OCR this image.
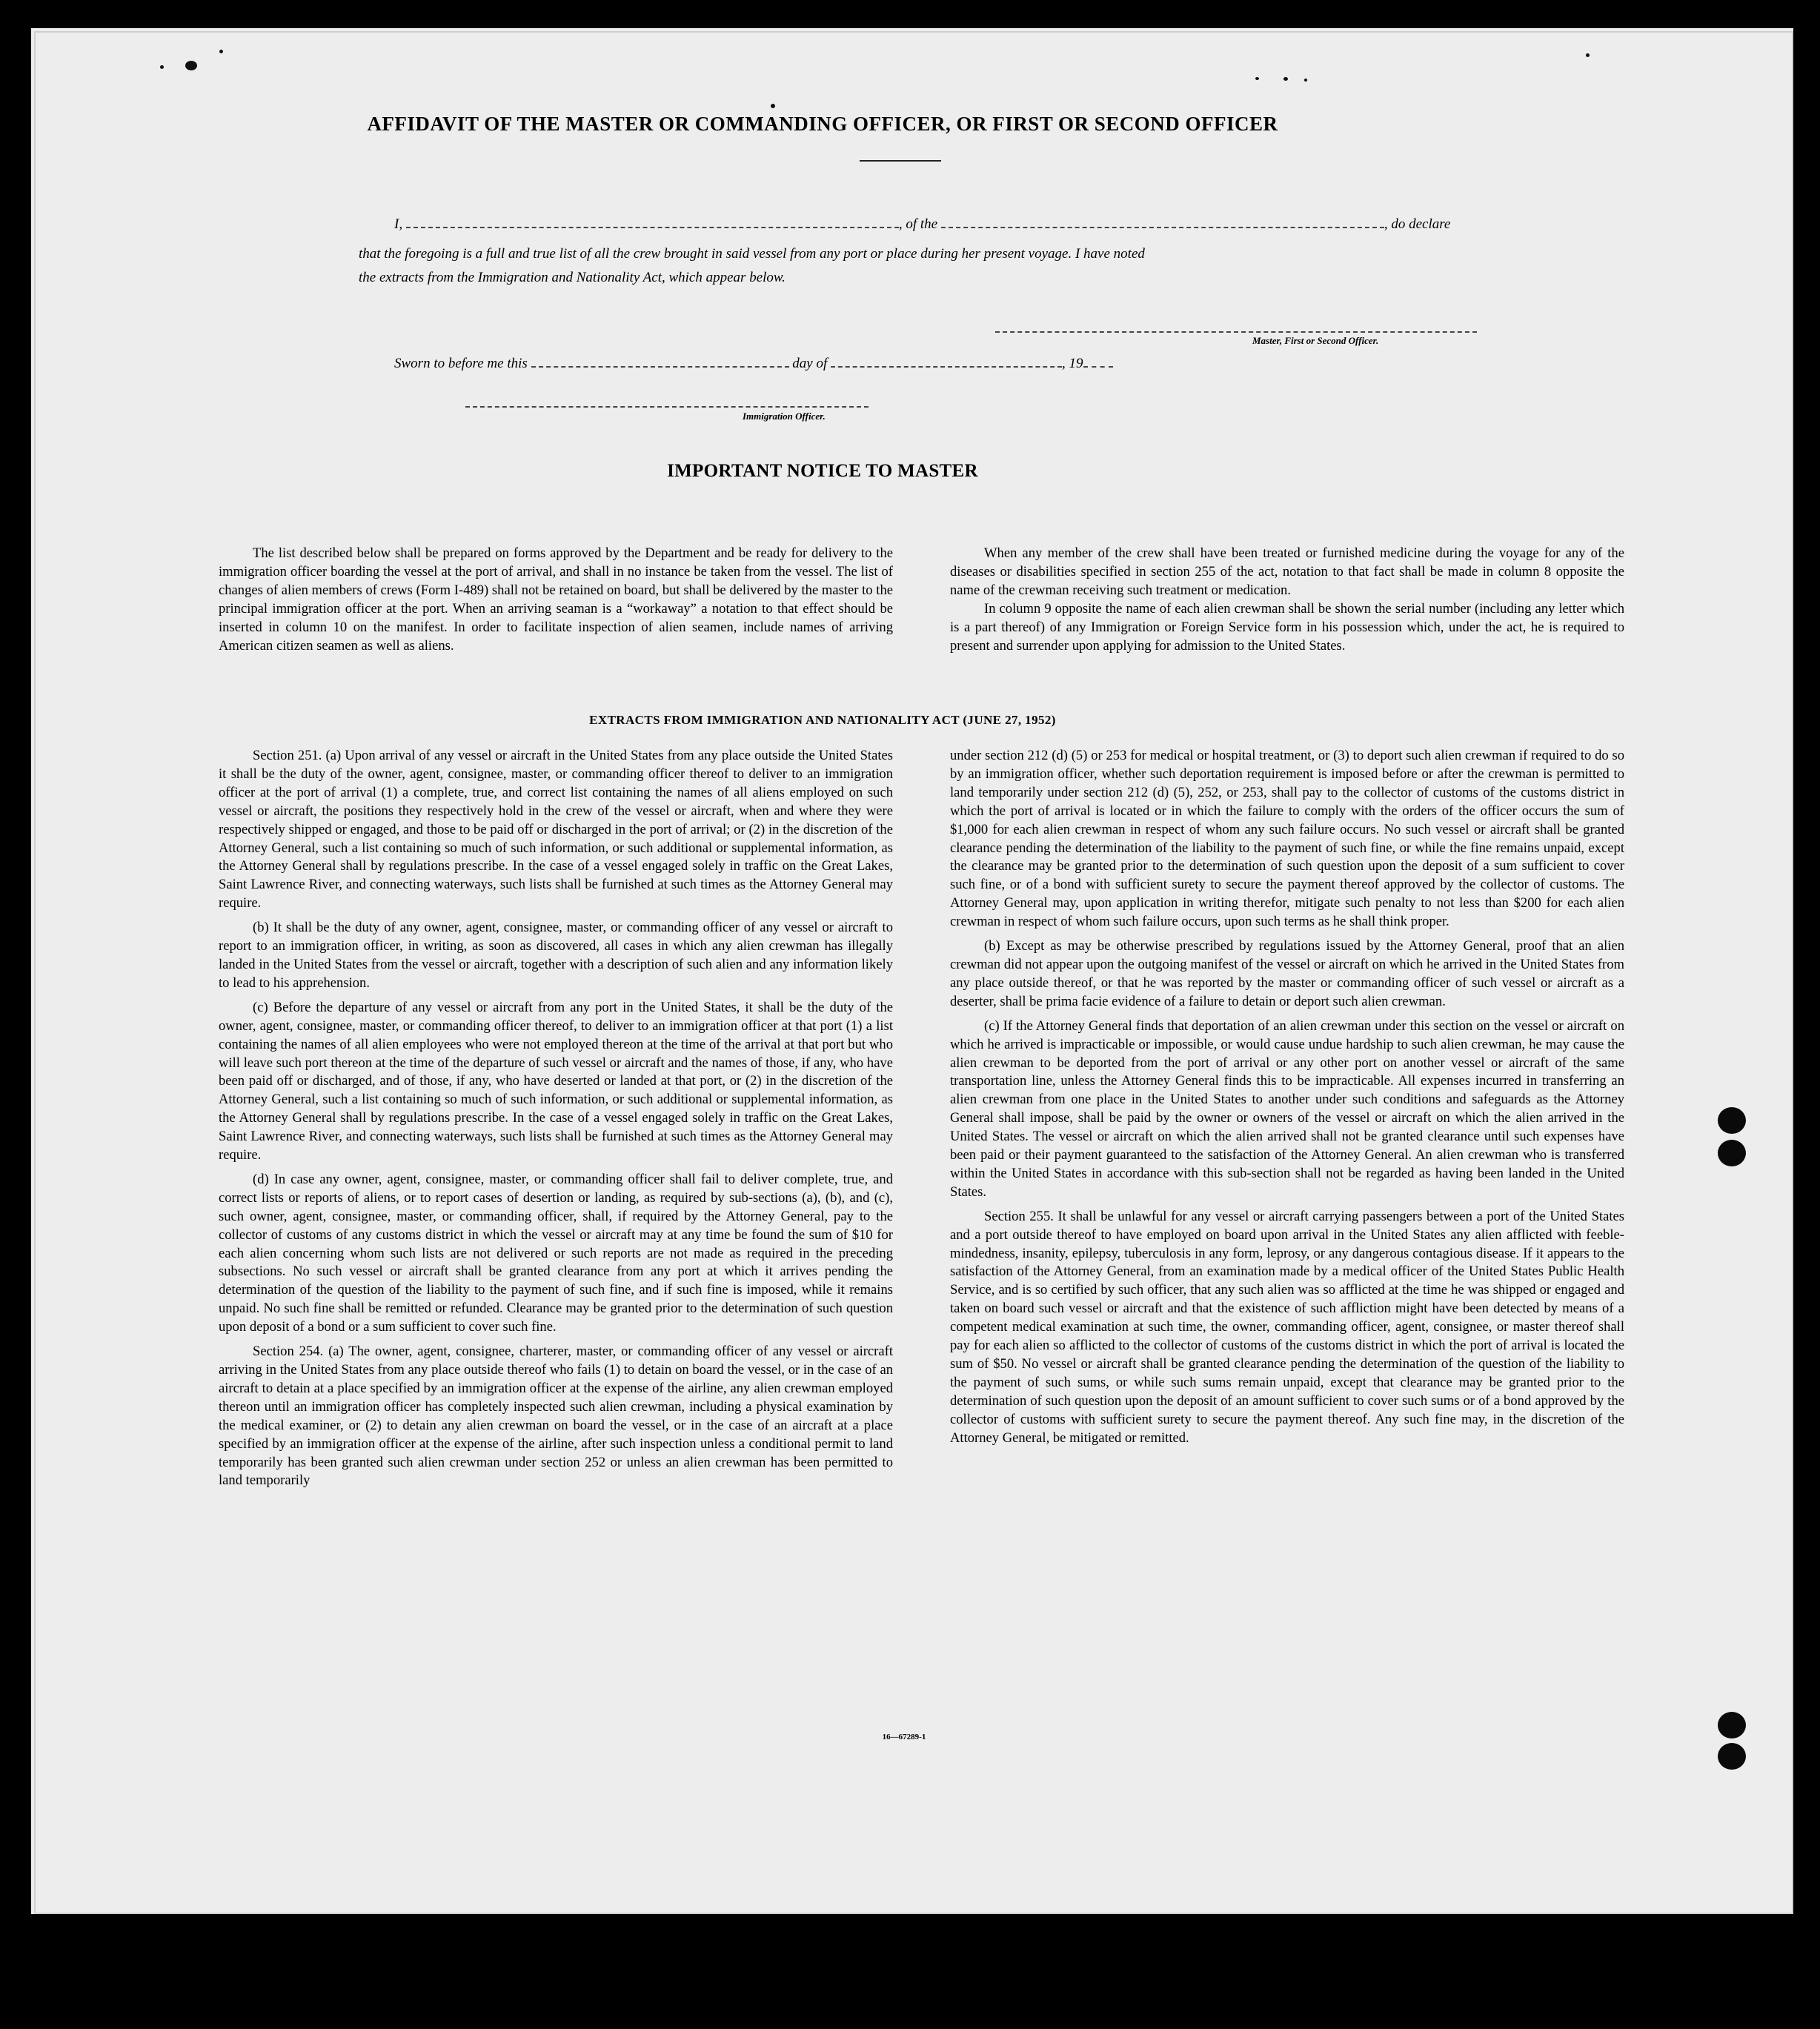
AFFIDAVIT OF THE MASTER OR COMMANDING OFFICER, OR FIRST OR SECOND OFFICER
I,	, of the	, do declare
that the foregoing is a full and true list of all the crew brought in said vessel from any port or place during her present voyage. I have noted
the extracts from the Immigration and Nationality Act, which appear below.
Master, First or Second Officer.
Sworn to before me this	day of	, 19
Immigration Officer.
IMPORTANT NOTICE TO MASTER

The list described below shall be prepared on forms approved by the Department and be ready for delivery to the immigration officer boarding the vessel at the port of arrival, and shall in no instance be taken from the vessel. The list of changes of alien members of crews (Form I-489) shall not be retained on board, but shall be delivered by the master to the principal immigration officer at the port. When an arriving seaman is a “workaway” a notation to that effect should be inserted in column 10 on the manifest. In order to facilitate inspection of alien seamen, include names of arriving American citizen seamen as well as aliens.

When any member of the crew shall have been treated or furnished medicine during the voyage for any of the diseases or disabilities specified in section 255 of the act, notation to that fact shall be made in column 8 opposite the name of the crewman receiving such treatment or medication.

In column 9 opposite the name of each alien crewman shall be shown the serial number (including any letter which is a part thereof) of any Immigration or Foreign Service form in his possession which, under the act, he is required to present and surrender upon applying for admission to the United States.

EXTRACTS FROM IMMIGRATION AND NATIONALITY ACT (JUNE 27, 1952)

Section 251. (a) Upon arrival of any vessel or aircraft in the United States from any place outside the United States it shall be the duty of the owner, agent, consignee, master, or commanding officer thereof to deliver to an immigration officer at the port of arrival (1) a complete, true, and correct list containing the names of all aliens employed on such vessel or aircraft, the positions they respectively hold in the crew of the vessel or aircraft, when and where they were respectively shipped or engaged, and those to be paid off or discharged in the port of arrival; or (2) in the discretion of the Attorney General, such a list containing so much of such information, or such additional or supplemental information, as the Attorney General shall by regulations prescribe. In the case of a vessel engaged solely in traffic on the Great Lakes, Saint Lawrence River, and connecting waterways, such lists shall be furnished at such times as the Attorney General may require.

(b) It shall be the duty of any owner, agent, consignee, master, or commanding officer of any vessel or aircraft to report to an immigration officer, in writing, as soon as discovered, all cases in which any alien crewman has illegally landed in the United States from the vessel or aircraft, together with a description of such alien and any information likely to lead to his apprehension.

(c) Before the departure of any vessel or aircraft from any port in the United States, it shall be the duty of the owner, agent, consignee, master, or commanding officer thereof, to deliver to an immigration officer at that port (1) a list containing the names of all alien employees who were not employed thereon at the time of the arrival at that port but who will leave such port thereon at the time of the departure of such vessel or aircraft and the names of those, if any, who have been paid off or discharged, and of those, if any, who have deserted or landed at that port, or (2) in the discretion of the Attorney General, such a list containing so much of such information, or such additional or supplemental information, as the Attorney General shall by regulations prescribe. In the case of a vessel engaged solely in traffic on the Great Lakes, Saint Lawrence River, and connecting waterways, such lists shall be furnished at such times as the Attorney General may require.

(d) In case any owner, agent, consignee, master, or commanding officer shall fail to deliver complete, true, and correct lists or reports of aliens, or to report cases of desertion or landing, as required by sub-sections (a), (b), and (c), such owner, agent, consignee, master, or commanding officer, shall, if required by the Attorney General, pay to the collector of customs of any customs district in which the vessel or aircraft may at any time be found the sum of $10 for each alien concerning whom such lists are not delivered or such reports are not made as required in the preceding subsections. No such vessel or aircraft shall be granted clearance from any port at which it arrives pending the determination of the question of the liability to the payment of such fine, and if such fine is imposed, while it remains unpaid. No such fine shall be remitted or refunded. Clearance may be granted prior to the determination of such question upon deposit of a bond or a sum sufficient to cover such fine.

Section 254. (a) The owner, agent, consignee, charterer, master, or commanding officer of any vessel or aircraft arriving in the United States from any place outside thereof who fails (1) to detain on board the vessel, or in the case of an aircraft to detain at a place specified by an immigration officer at the expense of the airline, any alien crewman employed thereon until an immigration officer has completely inspected such alien crewman, including a physical examination by the medical examiner, or (2) to detain any alien crewman on board the vessel, or in the case of an aircraft at a place specified by an immigration officer at the expense of the airline, after such inspection unless a conditional permit to land temporarily has been granted such alien crewman under section 252 or unless an alien crewman has been permitted to land temporarily

under section 212 (d) (5) or 253 for medical or hospital treatment, or (3) to deport such alien crewman if required to do so by an immigration officer, whether such deportation requirement is imposed before or after the crewman is permitted to land temporarily under section 212 (d) (5), 252, or 253, shall pay to the collector of customs of the customs district in which the port of arrival is located or in which the failure to comply with the orders of the officer occurs the sum of $1,000 for each alien crewman in respect of whom any such failure occurs. No such vessel or aircraft shall be granted clearance pending the determination of the liability to the payment of such fine, or while the fine remains unpaid, except the clearance may be granted prior to the determination of such question upon the deposit of a sum sufficient to cover such fine, or of a bond with sufficient surety to secure the payment thereof approved by the collector of customs. The Attorney General may, upon application in writing therefor, mitigate such penalty to not less than $200 for each alien crewman in respect of whom such failure occurs, upon such terms as he shall think proper.

(b) Except as may be otherwise prescribed by regulations issued by the Attorney General, proof that an alien crewman did not appear upon the outgoing manifest of the vessel or aircraft on which he arrived in the United States from any place outside thereof, or that he was reported by the master or commanding officer of such vessel or aircraft as a deserter, shall be prima facie evidence of a failure to detain or deport such alien crewman.

(c) If the Attorney General finds that deportation of an alien crewman under this section on the vessel or aircraft on which he arrived is impracticable or impossible, or would cause undue hardship to such alien crewman, he may cause the alien crewman to be deported from the port of arrival or any other port on another vessel or aircraft of the same transportation line, unless the Attorney General finds this to be impracticable. All expenses incurred in transferring an alien crewman from one place in the United States to another under such conditions and safeguards as the Attorney General shall impose, shall be paid by the owner or owners of the vessel or aircraft on which the alien arrived in the United States. The vessel or aircraft on which the alien arrived shall not be granted clearance until such expenses have been paid or their payment guaranteed to the satisfaction of the Attorney General. An alien crewman who is transferred within the United States in accordance with this sub-section shall not be regarded as having been landed in the United States.

Section 255. It shall be unlawful for any vessel or aircraft carrying passengers between a port of the United States and a port outside thereof to have employed on board upon arrival in the United States any alien afflicted with feeble-mindedness, insanity, epilepsy, tuberculosis in any form, leprosy, or any dangerous contagious disease. If it appears to the satisfaction of the Attorney General, from an examination made by a medical officer of the United States Public Health Service, and is so certified by such officer, that any such alien was so afflicted at the time he was shipped or engaged and taken on board such vessel or aircraft and that the existence of such affliction might have been detected by means of a competent medical examination at such time, the owner, commanding officer, agent, consignee, or master thereof shall pay for each alien so afflicted to the collector of customs of the customs district in which the port of arrival is located the sum of $50. No vessel or aircraft shall be granted clearance pending the determination of the question of the liability to the payment of such sums, or while such sums remain unpaid, except that clearance may be granted prior to the determination of such question upon the deposit of an amount sufficient to cover such sums or of a bond approved by the collector of customs with sufficient surety to secure the payment thereof. Any such fine may, in the discretion of the Attorney General, be mitigated or remitted.

16—67289-1
